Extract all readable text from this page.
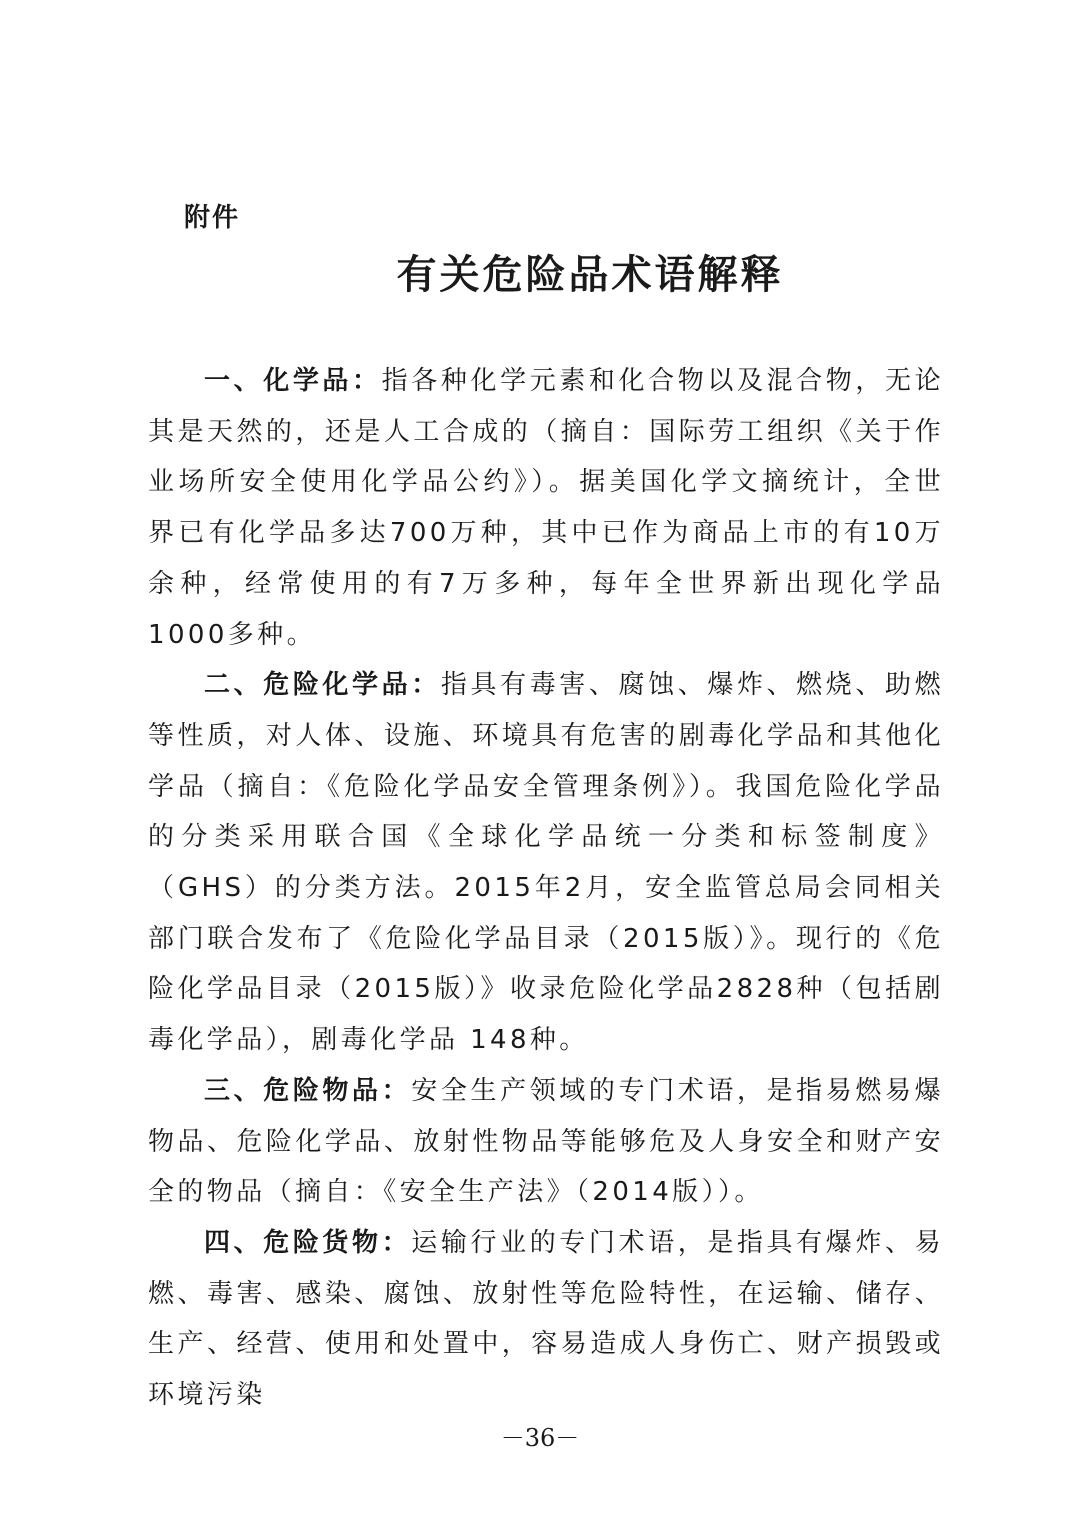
附件
有关危险品术语解释

一、化学品：指各种化学元素和化合物以及混合物，无论其是天然的，还是人工合成的（摘自：国际劳工组织《关于作业场所安全使用化学品公约》）。据美国化学文摘统计，全世界已有化学品多达700万种，其中已作为商品上市的有10万余种，经常使用的有7万多种，每年全世界新出现化学品1000多种。

二、危险化学品：指具有毒害、腐蚀、爆炸、燃烧、助燃等性质，对人体、设施、环境具有危害的剧毒化学品和其他化学品（摘自：《危险化学品安全管理条例》）。我国危险化学品的分类采用联合国《全球化学品统一分类和标签制度》（GHS）的分类方法。2015年2月，安全监管总局会同相关部门联合发布了《危险化学品目录（2015版）》。现行的《危险化学品目录（2015版）》收录危险化学品2828种（包括剧毒化学品），剧毒化学品 148种。

三、危险物品：安全生产领域的专门术语，是指易燃易爆物品、危险化学品、放射性物品等能够危及人身安全和财产安全的物品（摘自：《安全生产法》（2014版））。

四、危险货物：运输行业的专门术语，是指具有爆炸、易燃、毒害、感染、腐蚀、放射性等危险特性，在运输、储存、生产、经营、使用和处置中，容易造成人身伤亡、财产损毁或环境污染

－36－
